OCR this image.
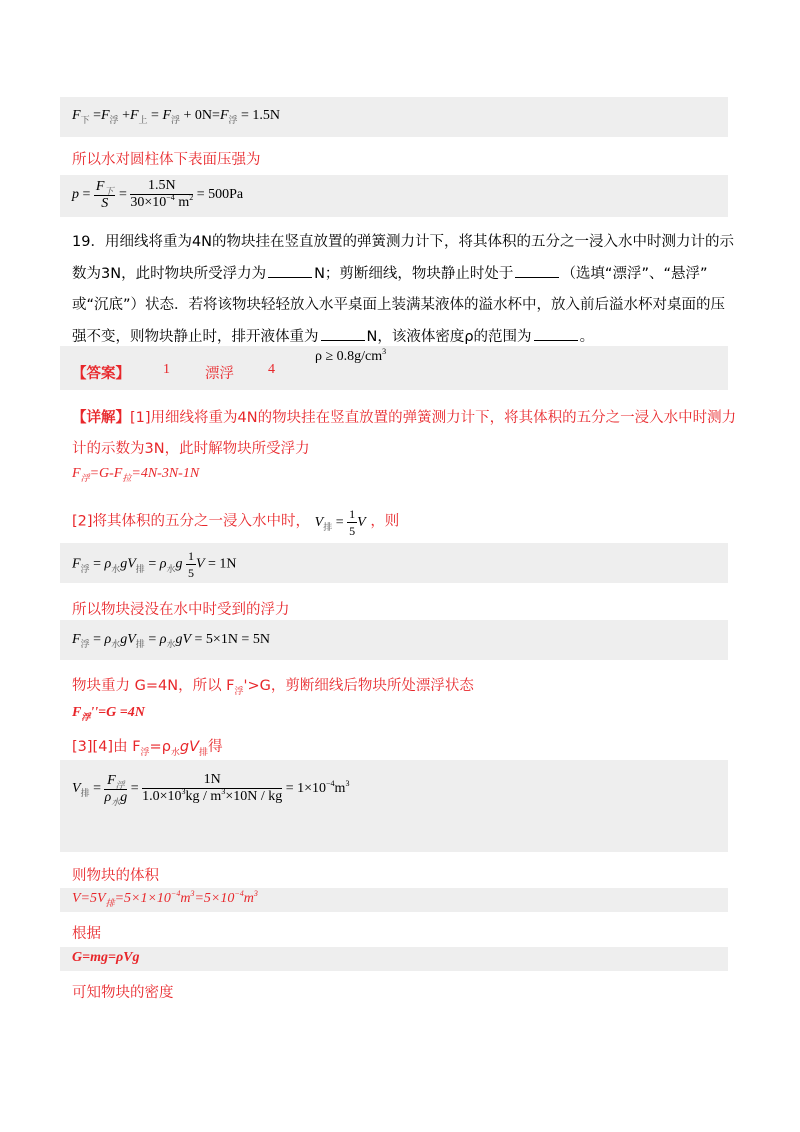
$F_下 =F_浮 +F_上 = F_浮 + 0N=F_浮 = 1.5N$
所以水对圆柱体下表面压强为
$p = \frac{F_下}{S} = \frac{1.5N}{30\times 10^{-4} m^2} = 500Pa$
19．用细线将重为4N的物块挂在竖直放置的弹簧测力计下，将其体积的五分之一浸入水中时测力计的示
数为3N，此时物块所受浮力为	N；剪断细线，物块静止时处于	（选填“漂浮”、“悬浮”
或“沉底”）状态．若将该物块轻轻放入水平桌面上装满某液体的溢水杯中，放入前后溢水杯对桌面的压
强不变，则物块静止时，排开液体重为	N，该液体密度ρ的范围为	。
【答案】 1 漂浮 4
$\rho \ge 0.8g/cm^3$
【详解】[1]用细线将重为4N的物块挂在竖直放置的弹簧测力计下，将其体积的五分之一浸入水中时测力
计的示数为3N，此时解物块所受浮力
$F_浮=G-F_拉=4N-3N-1N$
[2]将其体积的五分之一浸入水中时， $V_排 = \frac{1}{5}$ V ，则
$F_浮 = \rho_水gV_排 = \rho_水g \frac{1}{5}$ V = 1N
所以物块浸没在水中时受到的浮力
$F_浮 = \rho_水gV_排 = \rho_水gV = 5\times 1N = 5N$
物块重力 G=4N，所以 $F_浮'>G$，剪断细线后物块所处漂浮状态
$F_浮''=G =4N$
[3][4]由 $F_浮=\rho_水gV_排$得
$V_排 = \frac{F_浮}{\rho_水g} = \frac{1N}{1.0\times 10^3kg / m^3\times 10N / kg} = 1\times 10^{-4}m^3$
则物块的体积
$V=5V_排=5\times 1\times 10^{-4}m^3=5\times 10^{-4}m^3$
根据
G=mg=ρVg
可知物块的密度
